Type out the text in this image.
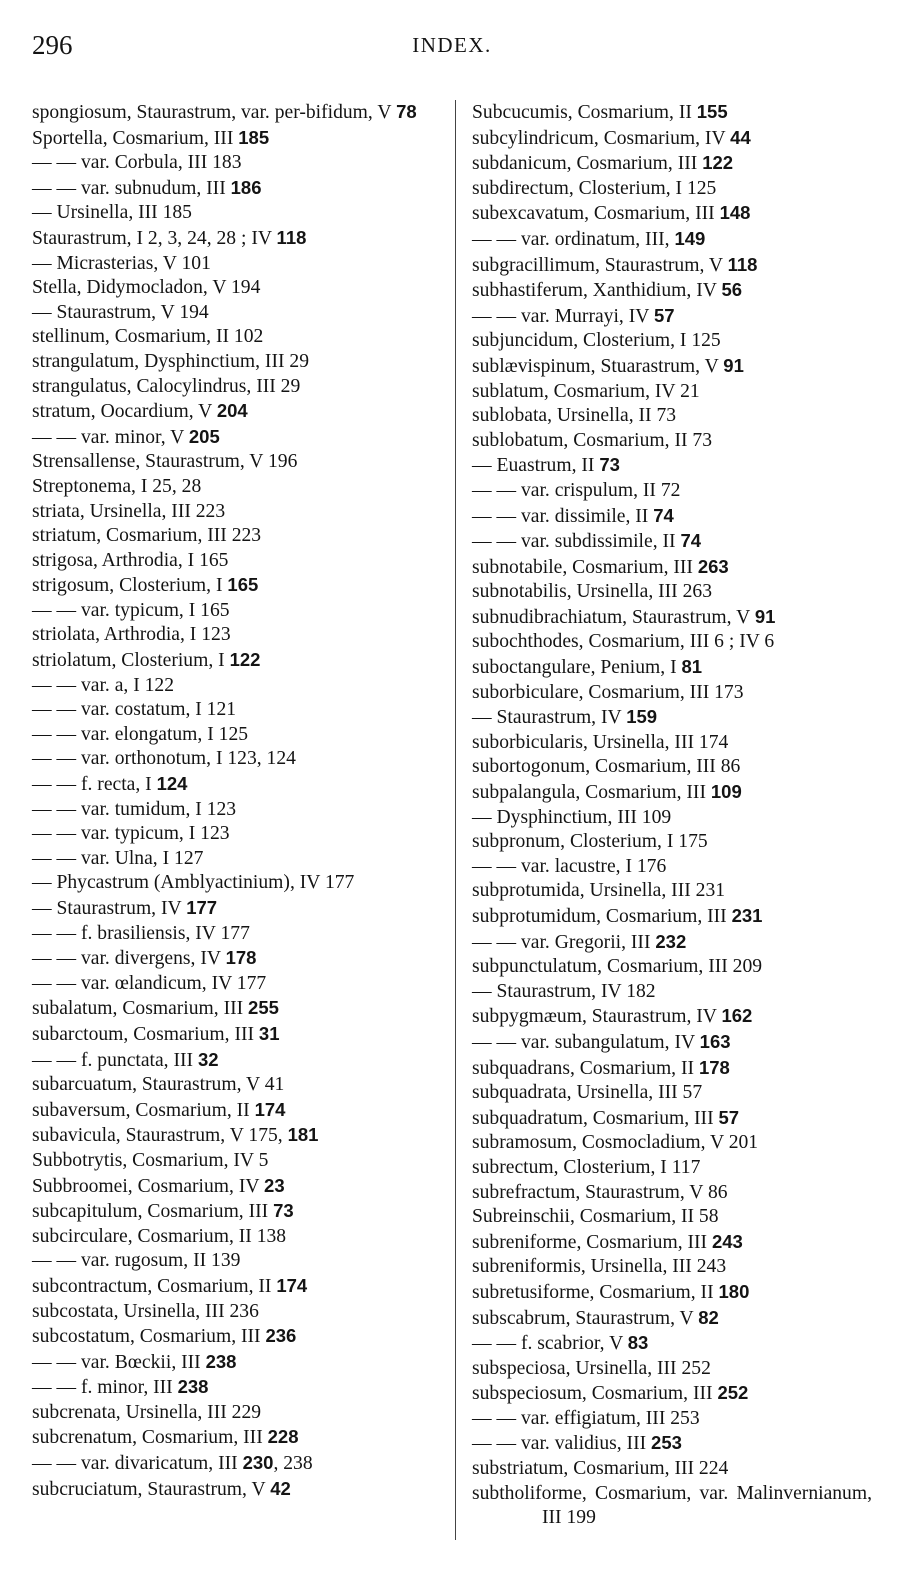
296	INDEX.
spongiosum, Staurastrum, var. per-bifidum, V 78
Sportella, Cosmarium, III 185
— — var. Corbula, III 183
— — var. subnudum, III 186
— Ursinella, III 185
Staurastrum, I 2, 3, 24, 28 ; IV 118
— Micrasterias, V 101
Stella, Didymocladon, V 194
— Staurastrum, V 194
stellinum, Cosmarium, II 102
strangulatum, Dysphinctium, III 29
strangulatus, Calocylindrus, III 29
stratum, Oocardium, V 204
— — var. minor, V 205
Strensallense, Staurastrum, V 196
Streptonema, I 25, 28
striata, Ursinella, III 223
striatum, Cosmarium, III 223
strigosa, Arthrodia, I 165
strigosum, Closterium, I 165
— — var. typicum, I 165
striolata, Arthrodia, I 123
striolatum, Closterium, I 122
— — var. a, I 122
— — var. costatum, I 121
— — var. elongatum, I 125
— — var. orthonotum, I 123, 124
— — f. recta, I 124
— — var. tumidum, I 123
— — var. typicum, I 123
— — var. Ulna, I 127
— Phycastrum (Amblyactinium), IV 177
— Staurastrum, IV 177
— — f. brasiliensis, IV 177
— — var. divergens, IV 178
— — var. œlandicum, IV 177
subalatum, Cosmarium, III 255
subarctoum, Cosmarium, III 31
— — f. punctata, III 32
subarcuatum, Staurastrum, V 41
subaversum, Cosmarium, II 174
subavicula, Staurastrum, V 175, 181
Subbotrytis, Cosmarium, IV 5
Subbroomei, Cosmarium, IV 23
subcapitulum, Cosmarium, III 73
subcirculare, Cosmarium, II 138
— — var. rugosum, II 139
subcontractum, Cosmarium, II 174
subcostata, Ursinella, III 236
subcostatum, Cosmarium, III 236
— — var. Bœckii, III 238
— — f. minor, III 238
subcrenata, Ursinella, III 229
subcrenatum, Cosmarium, III 228
— — var. divaricatum, III 230, 238
subcruciatum, Staurastrum, V 42
Subcucumis, Cosmarium, II 155
subcylindricum, Cosmarium, IV 44
subdanicum, Cosmarium, III 122
subdirectum, Closterium, I 125
subexcavatum, Cosmarium, III 148
— — var. ordinatum, III, 149
subgracillimum, Staurastrum, V 118
subhastiferum, Xanthidium, IV 56
— — var. Murrayi, IV 57
subjuncidum, Closterium, I 125
sublævispinum, Stuarastrum, V 91
sublatum, Cosmarium, IV 21
sublobata, Ursinella, II 73
sublobatum, Cosmarium, II 73
— Euastrum, II 73
— — var. crispulum, II 72
— — var. dissimile, II 74
— — var. subdissimile, II 74
subnotabile, Cosmarium, III 263
subnotabilis, Ursinella, III 263
subnudibrachiatum, Staurastrum, V 91
subochthodes, Cosmarium, III 6 ; IV 6
suboctangulare, Penium, I 81
suborbiculare, Cosmarium, III 173
— Staurastrum, IV 159
suborbicularis, Ursinella, III 174
subortogonum, Cosmarium, III 86
subpalangula, Cosmarium, III 109
— Dysphinctium, III 109
subpronum, Closterium, I 175
— — var. lacustre, I 176
subprotumida, Ursinella, III 231
subprotumidum, Cosmarium, III 231
— — var. Gregorii, III 232
subpunctulatum, Cosmarium, III 209
— Staurastrum, IV 182
subpygmæum, Staurastrum, IV 162
— — var. subangulatum, IV 163
subquadrans, Cosmarium, II 178
subquadrata, Ursinella, III 57
subquadratum, Cosmarium, III 57
subramosum, Cosmocladium, V 201
subrectum, Closterium, I 117
subrefractum, Staurastrum, V 86
Subreinschii, Cosmarium, II 58
subreniforme, Cosmarium, III 243
subreniformis, Ursinella, III 243
subretusiforme, Cosmarium, II 180
subscabrum, Staurastrum, V 82
— — f. scabrior, V 83
subspeciosa, Ursinella, III 252
subspeciosum, Cosmarium, III 252
— — var. effigiatum, III 253
— — var. validius, III 253
substriatum, Cosmarium, III 224
subtholiforme, Cosmarium, var. Malinvernianum, III 199
